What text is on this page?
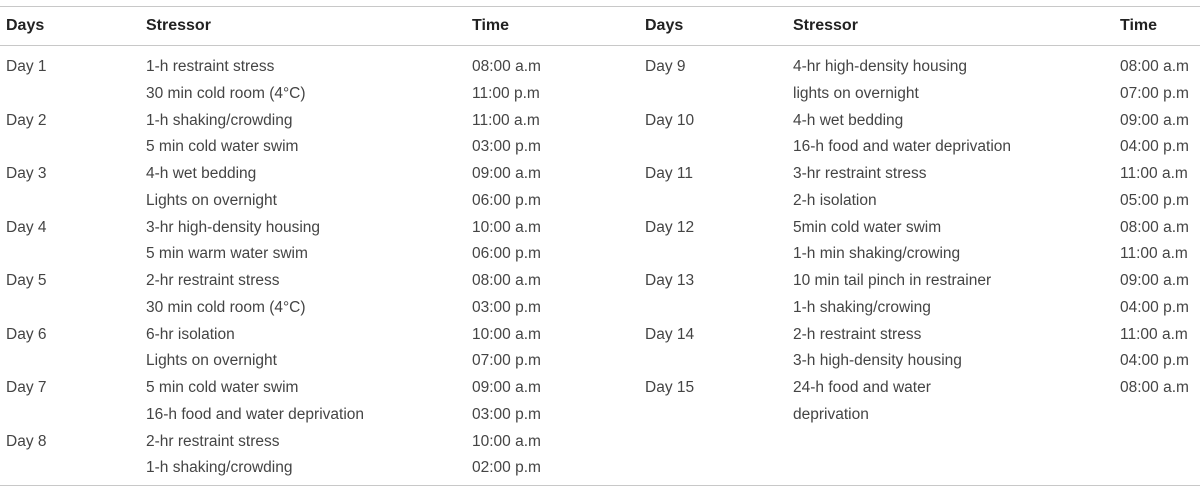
Days	Stressor	Time	Days	Stressor	Time
Day 1	1-h restraint stress	08:00 a.m
30 min cold room (4°C)	11:00 p.m
Day 2	1-h shaking/crowding	11:00 a.m
5 min cold water swim	03:00 p.m
Day 3	4-h wet bedding	09:00 a.m
Lights on overnight	06:00 p.m
Day 4	3-hr high-density housing	10:00 a.m
5 min warm water swim	06:00 p.m
Day 5	2-hr restraint stress	08:00 a.m
30 min cold room (4°C)	03:00 p.m
Day 6	6-hr isolation	10:00 a.m
Lights on overnight	07:00 p.m
Day 7	5 min cold water swim	09:00 a.m
16-h food and water deprivation	03:00 p.m
Day 8	2-hr restraint stress	10:00 a.m
1-h shaking/crowding	02:00 p.m
Day 9	4-hr high-density housing	08:00 a.m
lights on overnight	07:00 p.m
Day 10	4-h wet bedding	09:00 a.m
16-h food and water deprivation	04:00 p.m
Day 11	3-hr restraint stress	11:00 a.m
2-h isolation	05:00 p.m
Day 12	5min cold water swim	08:00 a.m
1-h min shaking/crowing	11:00 a.m
Day 13	10 min tail pinch in restrainer	09:00 a.m
1-h shaking/crowing	04:00 p.m
Day 14	2-h restraint stress	11:00 a.m
3-h high-density housing	04:00 p.m
Day 15	24-h food and water	08:00 a.m
deprivation
